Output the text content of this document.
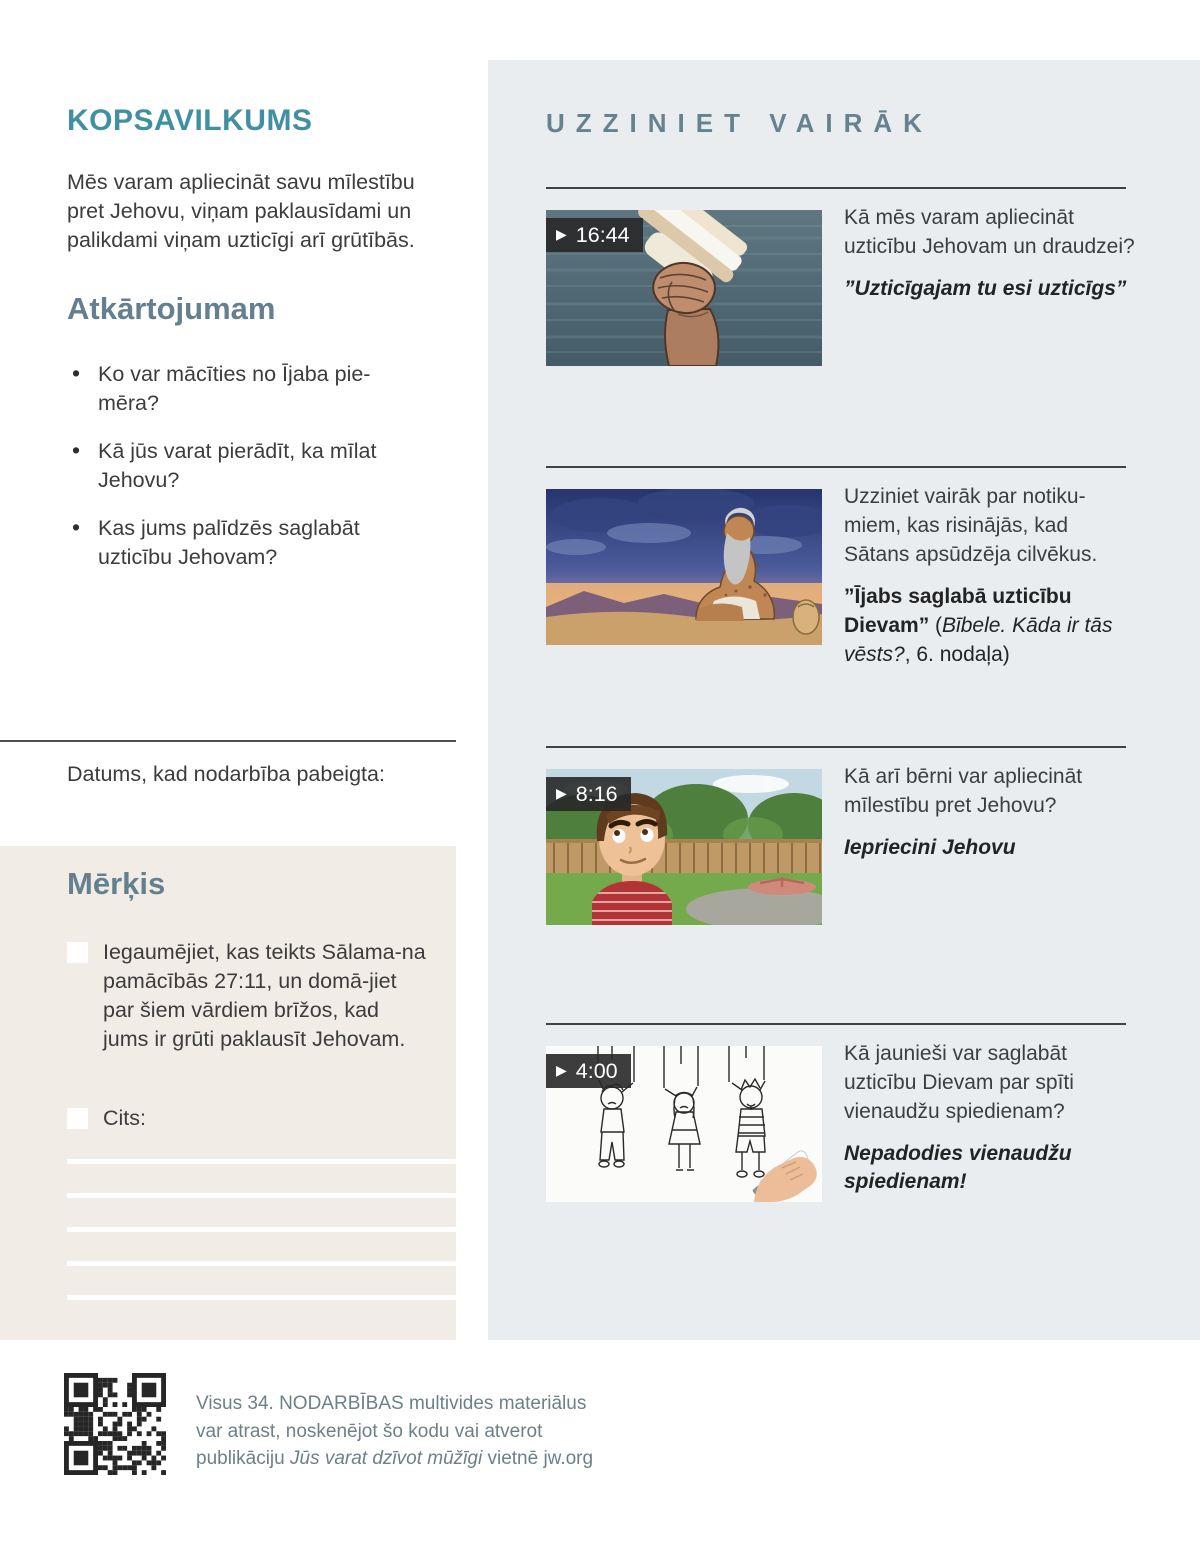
KOPSAVILKUMS

Mēs varam apliecināt savu mīlestību pret Jehovu, viņam paklausīdami un palikdami viņam uzticīgi arī grūtībās.

Atkārtojumam
• Ko var mācīties no Ījaba pie-mēra?
• Kā jūs varat pierādīt, ka mīlat Jehovu?
• Kas jums palīdzēs saglabāt uzticību Jehovam?

Datums, kad nodarbība pabeigta:

Mērķis
Iegaumējiet, kas teikts Sālama-na pamācībās 27:11, un domā-jiet par šiem vārdiem brīžos, kad jums ir grūti paklausīt Jehovam.
Cits:

Visus 34. NODARBĪBAS multivides materiālus
var atrast, noskenējot šo kodu vai atverot
publikāciju Jūs varat dzīvot mūžīgi vietnē jw.org

UZZINIET VAIRĀK
▶ 16:44

Kā mēs varam apliecināt uzticību Jehovam un draudzei?

”Uzticīgajam tu esi uzticīgs”

Uzziniet vairāk par notiku-miem, kas risinājās, kad Sātans apsūdzēja cilvēkus.

”Ījabs saglabā uzticību Dievam” (Bībele. Kāda ir tās vēsts?, 6. nodaļa)

▶ 8:16

Kā arī bērni var apliecināt mīlestību pret Jehovu?

Iepriecini Jehovu

▶ 4:00

Kā jaunieši var saglabāt uzticību Dievam par spīti vienaudžu spiedienam?

Nepadodies vienaudžu spiedienam!
